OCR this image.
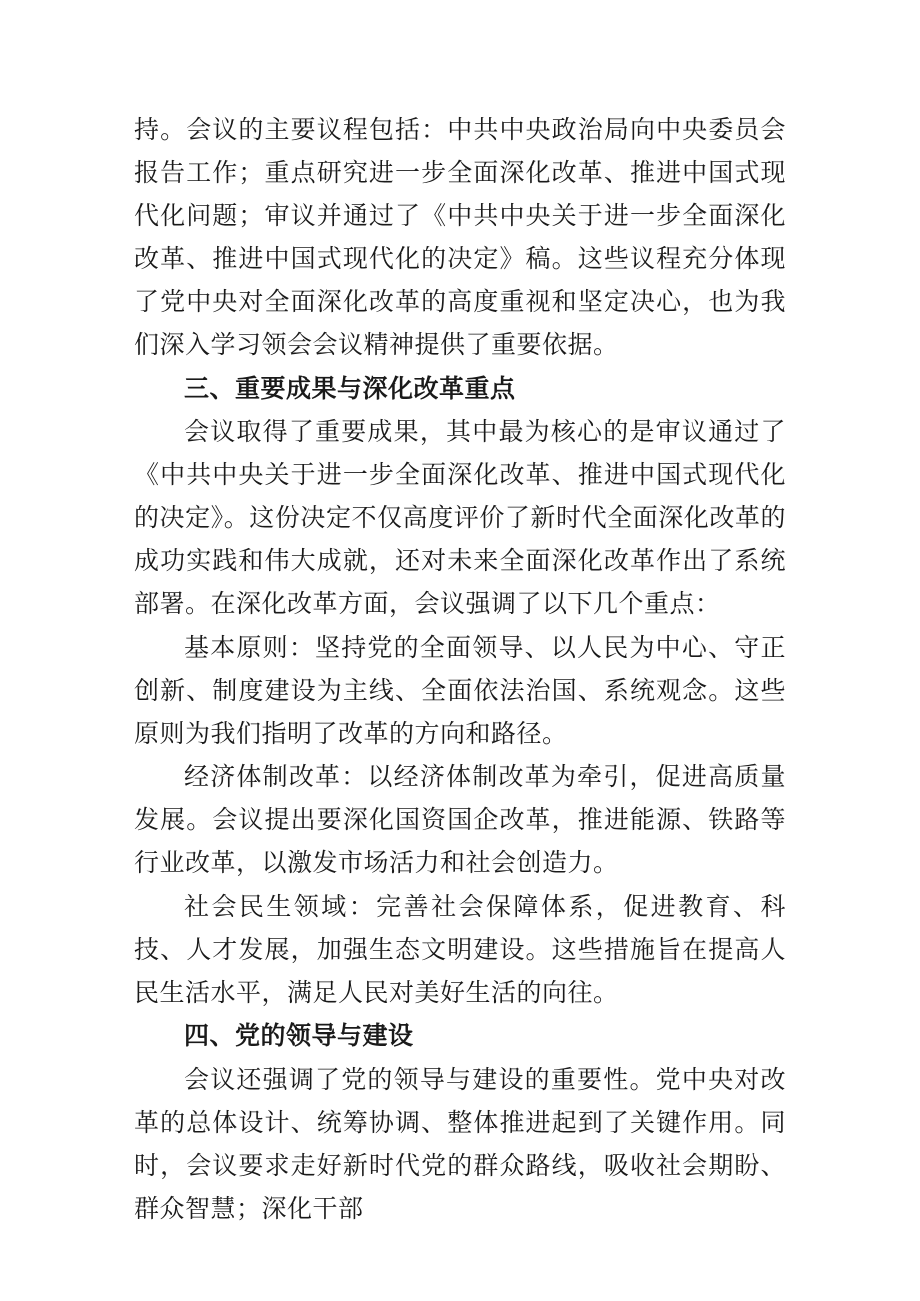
持。会议的主要议程包括：中共中央政治局向中央委员会报告工作；重点研究进一步全面深化改革、推进中国式现代化问题；审议并通过了《中共中央关于进一步全面深化改革、推进中国式现代化的决定》稿。这些议程充分体现了党中央对全面深化改革的高度重视和坚定决心，也为我们深入学习领会会议精神提供了重要依据。

三、重要成果与深化改革重点

会议取得了重要成果，其中最为核心的是审议通过了《中共中央关于进一步全面深化改革、推进中国式现代化的决定》。这份决定不仅高度评价了新时代全面深化改革的成功实践和伟大成就，还对未来全面深化改革作出了系统部署。在深化改革方面，会议强调了以下几个重点：

基本原则：坚持党的全面领导、以人民为中心、守正创新、制度建设为主线、全面依法治国、系统观念。这些原则为我们指明了改革的方向和路径。

经济体制改革：以经济体制改革为牵引，促进高质量发展。会议提出要深化国资国企改革，推进能源、铁路等行业改革，以激发市场活力和社会创造力。

社会民生领域：完善社会保障体系，促进教育、科技、人才发展，加强生态文明建设。这些措施旨在提高人民生活水平，满足人民对美好生活的向往。

四、党的领导与建设

会议还强调了党的领导与建设的重要性。党中央对改革的总体设计、统筹协调、整体推进起到了关键作用。同时，会议要求走好新时代党的群众路线，吸收社会期盼、群众智慧；深化干部
